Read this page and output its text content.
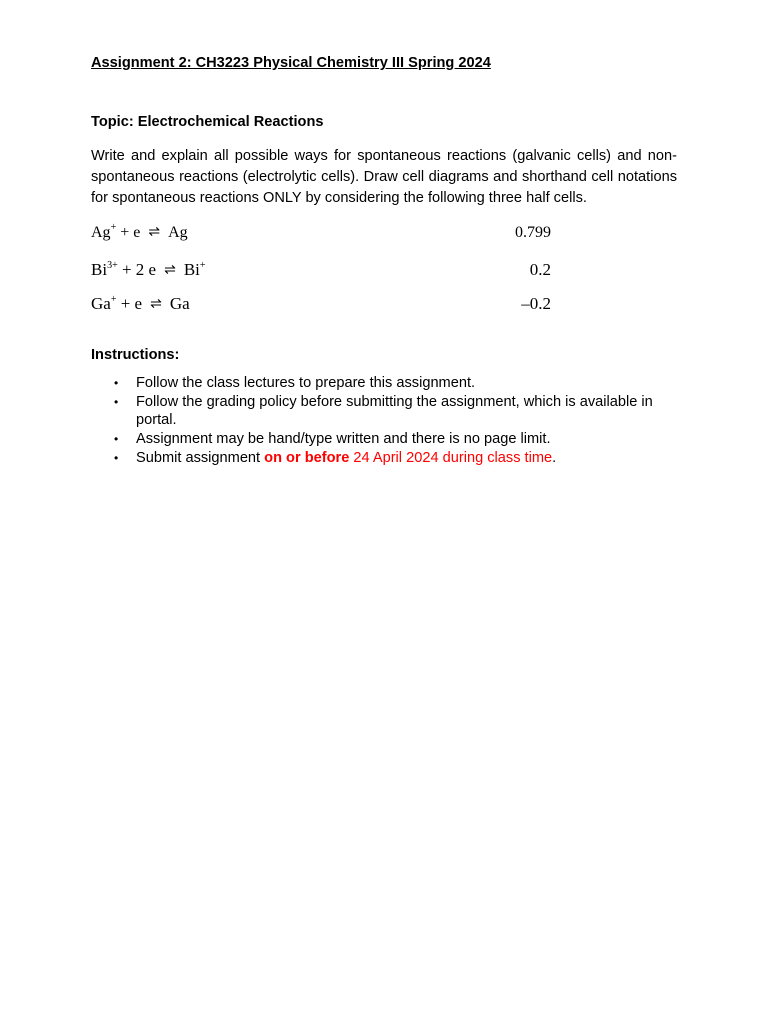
Assignment 2: CH3223 Physical Chemistry III Spring 2024
Topic: Electrochemical Reactions

Write and explain all possible ways for spontaneous reactions (galvanic cells) and non-spontaneous reactions (electrolytic cells). Draw cell diagrams and shorthand cell notations for spontaneous reactions ONLY by considering the following three half cells.

Ag+ + e ⇌ Ag	0.799
$Bi^{3+} + 2$ e ⇌ Bi+	0.2
Ga+ + e ⇌ Ga	–0.2
Instructions:
• Follow the class lectures to prepare this assignment.
• Follow the grading policy before submitting the assignment, which is available in portal.
• Assignment may be hand/type written and there is no page limit.
• Submit assignment on or before 24 April 2024 during class time.
